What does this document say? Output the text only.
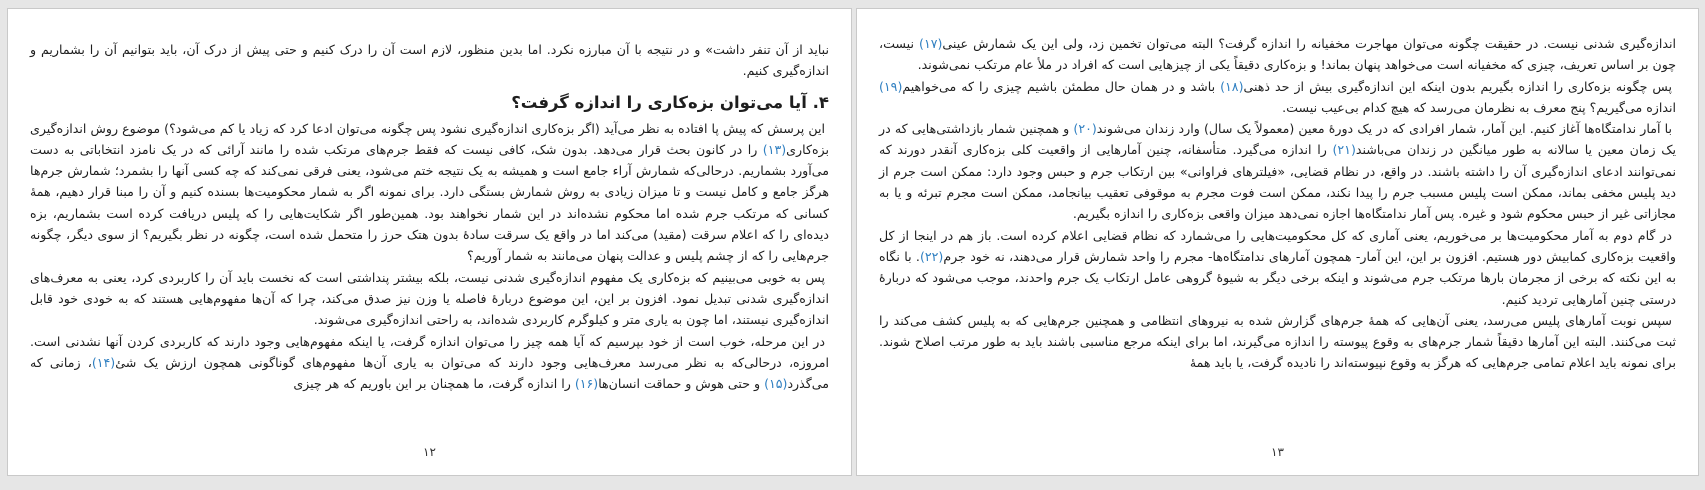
نباید از آن تنفر داشت» و در نتیجه با آن مبارزه نکرد. اما بدین منظور، لازم است آن را درک کنیم و حتی پیش از درک آن، باید بتوانیم آن را بشماریم و اندازه‌گیری کنیم.

۴. آیا می‌توان بزه‌کاری را اندازه گرفت؟

این پرسش که پیش پا افتاده به نظر می‌آید (اگر بزه‌کاری اندازه‌گیری نشود پس چگونه می‌توان ادعا کرد که زیاد یا کم می‌شود؟) موضوع روش اندازه‌گیری بزه‌کاری(۱۳) را در کانون بحث قرار می‌دهد. بدون شک، کافی نیست که فقط جرم‌های مرتکب شده را مانند آرائی که در یک نامزد انتخاباتی به دست می‌آورد بشماریم. درحالی‌که شمارش آراء جامع است و همیشه به یک نتیجه ختم می‌شود، یعنی فرقی نمی‌کند که چه کسی آنها را بشمرد؛ شمارش جرم‌ها هرگز جامع و کامل نیست و تا میزان زیادی به روش شمارش بستگی دارد. برای نمونه اگر به شمار محکومیت‌ها بسنده کنیم و آن را مبنا قرار دهیم، همهٔ کسانی که مرتکب جرم شده اما محکوم نشده‌اند در این شمار نخواهند بود. همین‌طور اگر شکایت‌هایی را که پلیس دریافت کرده است بشماریم، بزه دیده‌ای را که اعلام سرقت (مقید) می‌کند اما در واقع یک سرقت سادهٔ بدون هتک حرز را متحمل شده است، چگونه در نظر بگیریم؟ از سوی دیگر، چگونه جرم‌هایی را که از چشم پلیس و عدالت پنهان می‌مانند به شمار آوریم؟

پس به خوبی می‌بینیم که بزه‌کاری یک مفهوم اندازه‌گیری شدنی نیست، بلکه بیشتر پنداشتی است که نخست باید آن را کاربردی کرد، یعنی به معرف‌های اندازه‌گیری شدنی تبدیل نمود. افزون بر این، این موضوع دربارهٔ فاصله یا وزن نیز صدق می‌کند، چرا که آن‌ها مفهوم‌هایی هستند که به خودی خود قابل اندازه‌گیری نیستند، اما چون به یاری متر و کیلوگرم کاربردی شده‌اند، به راحتی اندازه‌گیری می‌شوند.

در این مرحله، خوب است از خود بپرسیم که آیا همه چیز را می‌توان اندازه گرفت، یا اینکه مفهوم‌هایی وجود دارند که کاربردی کردن آنها نشدنی است. امروزه، درحالی‌که به نظر می‌رسد معرف‌هایی وجود دارند که می‌توان به یاری آن‌ها مفهوم‌های گوناگونی همچون ارزش یک شئ(۱۴)، زمانی که می‌گذرد(۱۵) و حتی هوش و حماقت انسان‌ها(۱۶) را اندازه گرفت، ما همچنان بر این باوریم که هر چیزی

۱۲

اندازه‌گیری شدنی نیست. در حقیقت چگونه می‌توان مهاجرت مخفیانه را اندازه گرفت؟ البته می‌توان تخمین زد، ولی این یک شمارش عینی(۱۷) نیست، چون بر اساس تعریف، چیزی که مخفیانه است می‌خواهد پنهان بماند! و بزه‌کاری دقیقاً یکی از چیزهایی است که افراد در ملأ عام مرتکب نمی‌شوند.

پس چگونه بزه‌کاری را اندازه بگیریم بدون اینکه این اندازه‌گیری بیش از حد ذهنی(۱۸) باشد و در همان حال مطمئن باشیم چیزی را که می‌خواهیم(۱۹) اندازه می‌گیریم؟ پنج معرف به نظرمان می‌رسد که هیچ کدام بی‌عیب نیست.

با آمار ندامتگاه‌ها آغاز کنیم. این آمار، شمار افرادی که در یک دورهٔ معین (معمولاً یک سال) وارد زندان می‌شوند(۲۰) و همچنین شمار بازداشتی‌هایی که در یک زمان معین یا سالانه به طور میانگین در زندان می‌باشند(۲۱) را اندازه می‌گیرد. متأسفانه، چنین آمارهایی از واقعیت کلی بزه‌کاری آنقدر دورند که نمی‌توانند ادعای اندازه‌گیری آن را داشته باشند. در واقع، در نظام قضایی، «فیلترهای فراوانی» بین ارتکاب جرم و حبس وجود دارد: ممکن است جرم از دید پلیس مخفی بماند، ممکن است پلیس مسبب جرم را پیدا نکند، ممکن است فوت مجرم به موقوفی تعقیب بیانجامد، ممکن است مجرم تبرئه و یا به مجازاتی غیر از حبس محکوم شود و غیره. پس آمار ندامتگاه‌ها اجازه نمی‌دهد میزان واقعی بزه‌کاری را اندازه بگیریم.

در گام دوم به آمار محکومیت‌ها بر می‌خوریم، یعنی آماری که کل محکومیت‌هایی را می‌شمارد که نظام قضایی اعلام کرده است. باز هم در اینجا از کل واقعیت بزه‌کاری کمابیش دور هستیم. افزون بر این، این آمار- همچون آمارهای ندامتگاه‌ها- مجرم را واحد شمارش قرار می‌دهند، نه خود جرم(۲۲). با نگاه به این نکته که برخی از مجرمان بارها مرتکب جرم می‌شوند و اینکه برخی دیگر به شیوهٔ گروهی عامل ارتکاب یک جرم واحدند، موجب می‌شود که دربارهٔ درستی چنین آمارهایی تردید کنیم.

سپس نوبت آمارهای پلیس می‌رسد، یعنی آن‌هایی که همهٔ جرم‌های گزارش شده به نیروهای انتظامی و همچنین جرم‌هایی که به پلیس کشف می‌کند را ثبت می‌کنند. البته این آمارها دقیقاً شمار جرم‌های به وقوع پیوسته را اندازه می‌گیرند، اما برای اینکه مرجع مناسبی باشند باید به طور مرتب اصلاح شوند. برای نمونه باید اعلام تمامی جرم‌هایی که هرگز به وقوع نپیوسته‌اند را نادیده گرفت، یا باید همهٔ

۱۳
